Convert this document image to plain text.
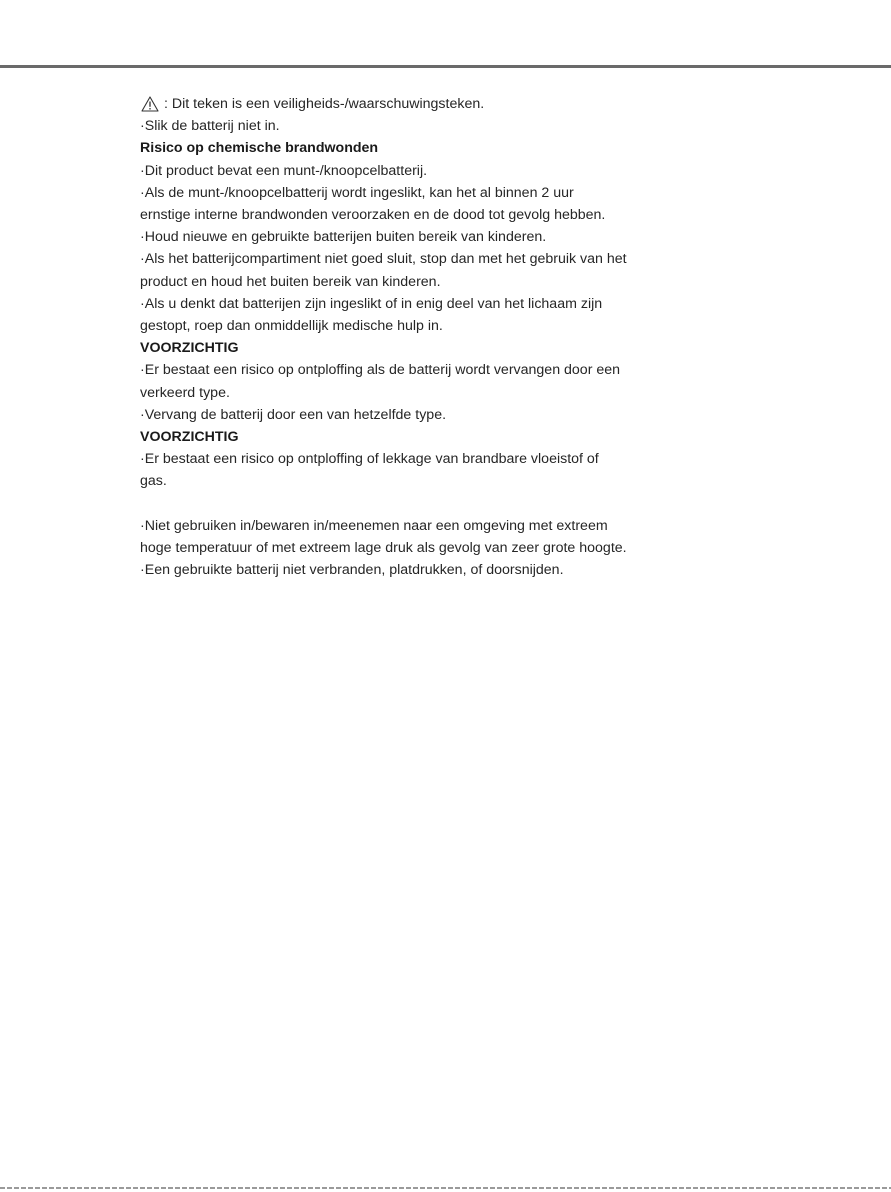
: Dit teken is een veiligheids-/waarschuwingsteken.
·Slik de batterij niet in.
Risico op chemische brandwonden
·Dit product bevat een munt-/knoopcelbatterij.
·Als de munt-/knoopcelbatterij wordt ingeslikt, kan het al binnen 2 uur
ernstige interne brandwonden veroorzaken en de dood tot gevolg hebben.
·Houd nieuwe en gebruikte batterijen buiten bereik van kinderen.
·Als het batterijcompartiment niet goed sluit, stop dan met het gebruik van het
product en houd het buiten bereik van kinderen.
·Als u denkt dat batterijen zijn ingeslikt of in enig deel van het lichaam zijn
gestopt, roep dan onmiddellijk medische hulp in.
VOORZICHTIG
·Er bestaat een risico op ontploffing als de batterij wordt vervangen door een
verkeerd type.
·Vervang de batterij door een van hetzelfde type.
VOORZICHTIG
·Er bestaat een risico op ontploffing of lekkage van brandbare vloeistof of
gas.
·Niet gebruiken in/bewaren in/meenemen naar een omgeving met extreem
hoge temperatuur of met extreem lage druk als gevolg van zeer grote hoogte.
·Een gebruikte batterij niet verbranden, platdrukken, of doorsnijden.
